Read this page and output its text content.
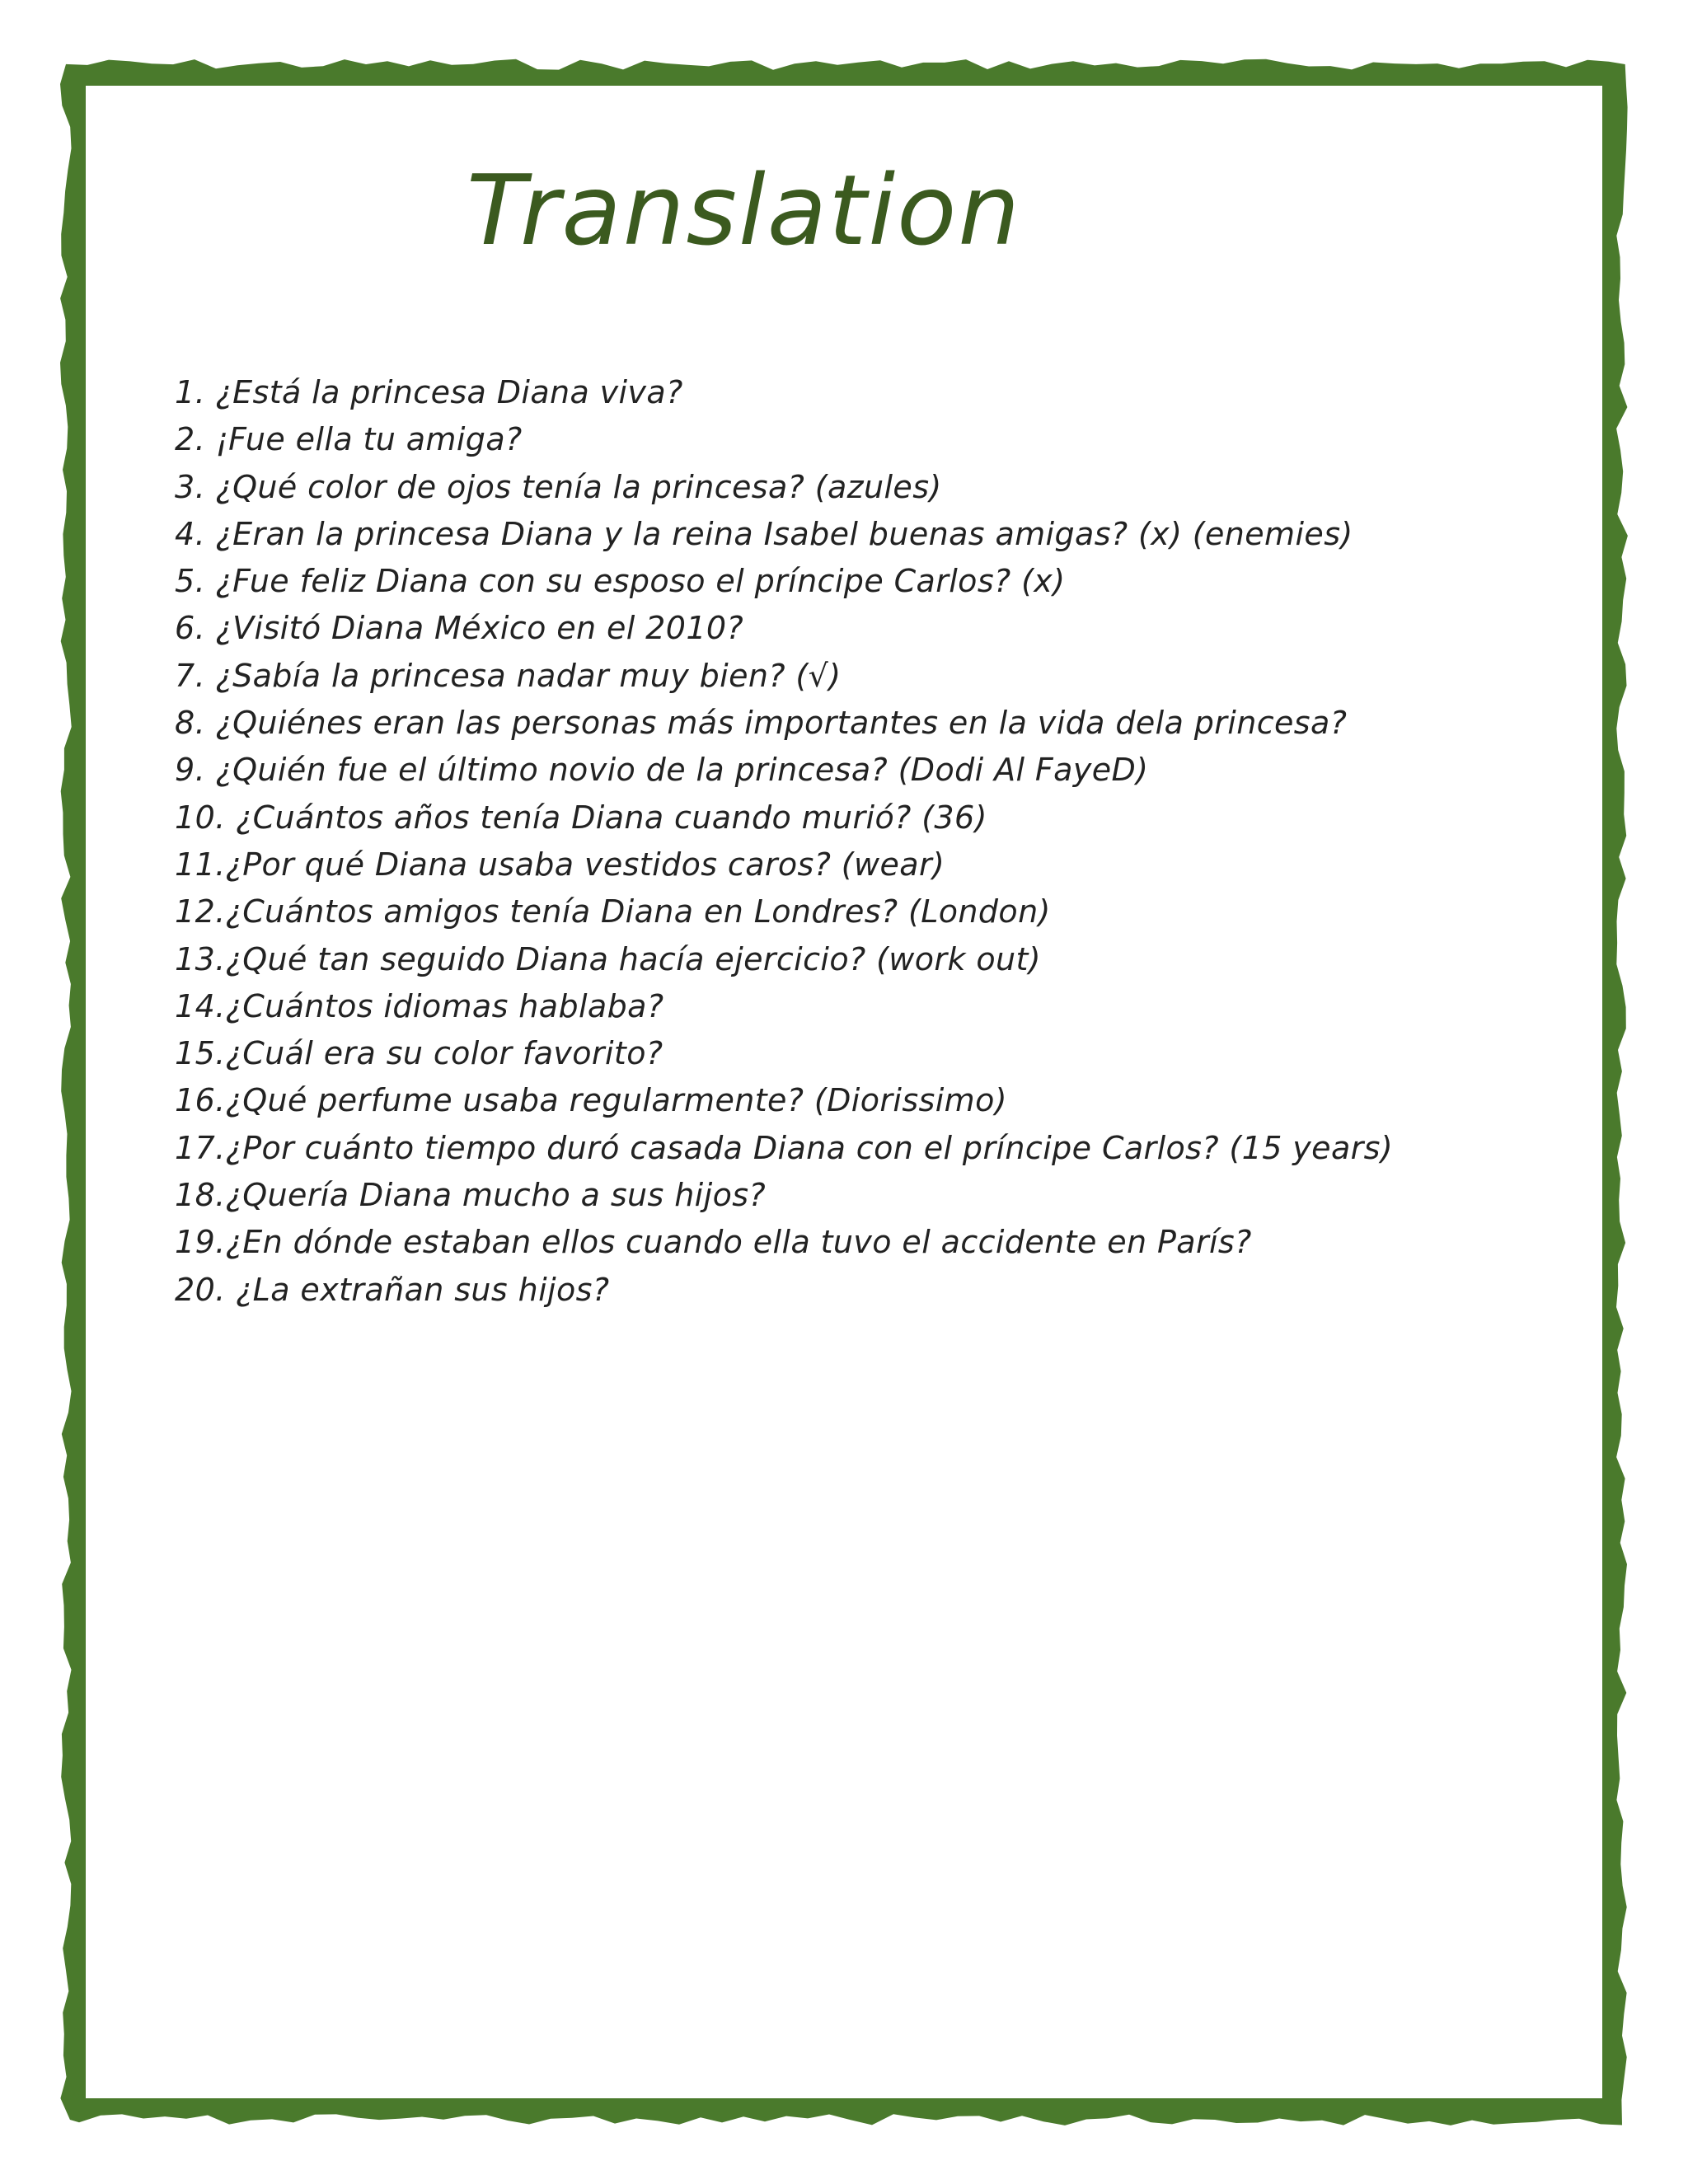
Translation
1. ¿Está la princesa Diana viva?
2. ¡Fue ella tu amiga?
3. ¿Qué color de ojos tenía la princesa? (azules)
4. ¿Eran la princesa Diana y la reina Isabel buenas amigas? (x) (enemies)
5. ¿Fue feliz Diana con su esposo el príncipe Carlos? (x)
6. ¿Visitó Diana México en el 2010?
7. ¿Sabía la princesa nadar muy bien? (√)
8. ¿Quiénes eran las personas más importantes en la vida dela princesa?
9. ¿Quién fue el último novio de la princesa? (Dodi Al FayeD)
10. ¿Cuántos años tenía Diana cuando murió? (36)
11.¿Por qué Diana usaba vestidos caros? (wear)
12.¿Cuántos amigos tenía Diana en Londres? (London)
13.¿Qué tan seguido Diana hacía ejercicio? (work out)
14.¿Cuántos idiomas hablaba?
15.¿Cuál era su color favorito?
16.¿Qué perfume usaba regularmente? (Diorissimo)
17.¿Por cuánto tiempo duró casada Diana con el príncipe Carlos? (15 years)
18.¿Quería Diana mucho a sus hijos?
19.¿En dónde estaban ellos cuando ella tuvo el accidente en París?
20. ¿La extrañan sus hijos?
